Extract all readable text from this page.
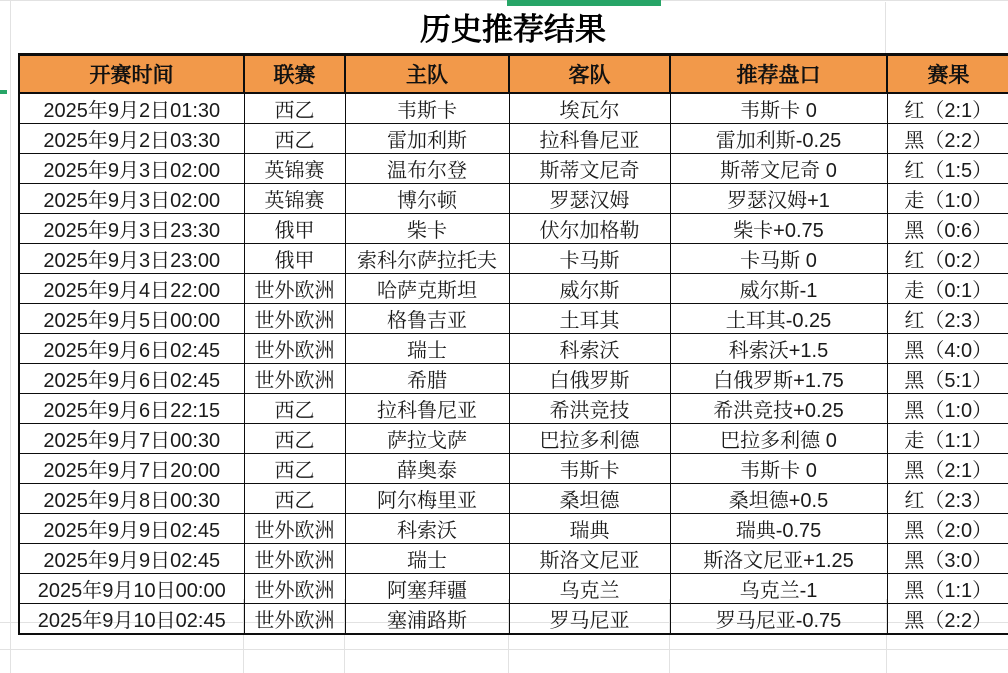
历史推荐结果
开赛时间	联赛	主队	客队	推荐盘口	赛果
2025年9月2日01:30	西乙	韦斯卡	埃瓦尔	韦斯卡 0	红（2:1）
2025年9月2日03:30	西乙	雷加利斯	拉科鲁尼亚	雷加利斯-0.25	黑（2:2）
2025年9月3日02:00	英锦赛	温布尔登	斯蒂文尼奇	斯蒂文尼奇 0	红（1:5）
2025年9月3日02:00	英锦赛	博尔顿	罗瑟汉姆	罗瑟汉姆+1	走（1:0）
2025年9月3日23:30	俄甲	柴卡	伏尔加格勒	柴卡+0.75	黑（0:6）
2025年9月3日23:00	俄甲	索科尔萨拉托夫	卡马斯	卡马斯 0	红（0:2）
2025年9月4日22:00	世外欧洲	哈萨克斯坦	威尔斯	威尔斯-1	走（0:1）
2025年9月5日00:00	世外欧洲	格鲁吉亚	土耳其	土耳其-0.25	红（2:3）
2025年9月6日02:45	世外欧洲	瑞士	科索沃	科索沃+1.5	黑（4:0）
2025年9月6日02:45	世外欧洲	希腊	白俄罗斯	白俄罗斯+1.75	黑（5:1）
2025年9月6日22:15	西乙	拉科鲁尼亚	希洪竞技	希洪竞技+0.25	黑（1:0）
2025年9月7日00:30	西乙	萨拉戈萨	巴拉多利德	巴拉多利德 0	走（1:1）
2025年9月7日20:00	西乙	薛奥泰	韦斯卡	韦斯卡 0	黑（2:1）
2025年9月8日00:30	西乙	阿尔梅里亚	桑坦德	桑坦德+0.5	红（2:3）
2025年9月9日02:45	世外欧洲	科索沃	瑞典	瑞典-0.75	黑（2:0）
2025年9月9日02:45	世外欧洲	瑞士	斯洛文尼亚	斯洛文尼亚+1.25	黑（3:0）
2025年9月10日00:00	世外欧洲	阿塞拜疆	乌克兰	乌克兰-1	黑（1:1）
2025年9月10日02:45	世外欧洲	塞浦路斯	罗马尼亚	罗马尼亚-0.75	黑（2:2）
